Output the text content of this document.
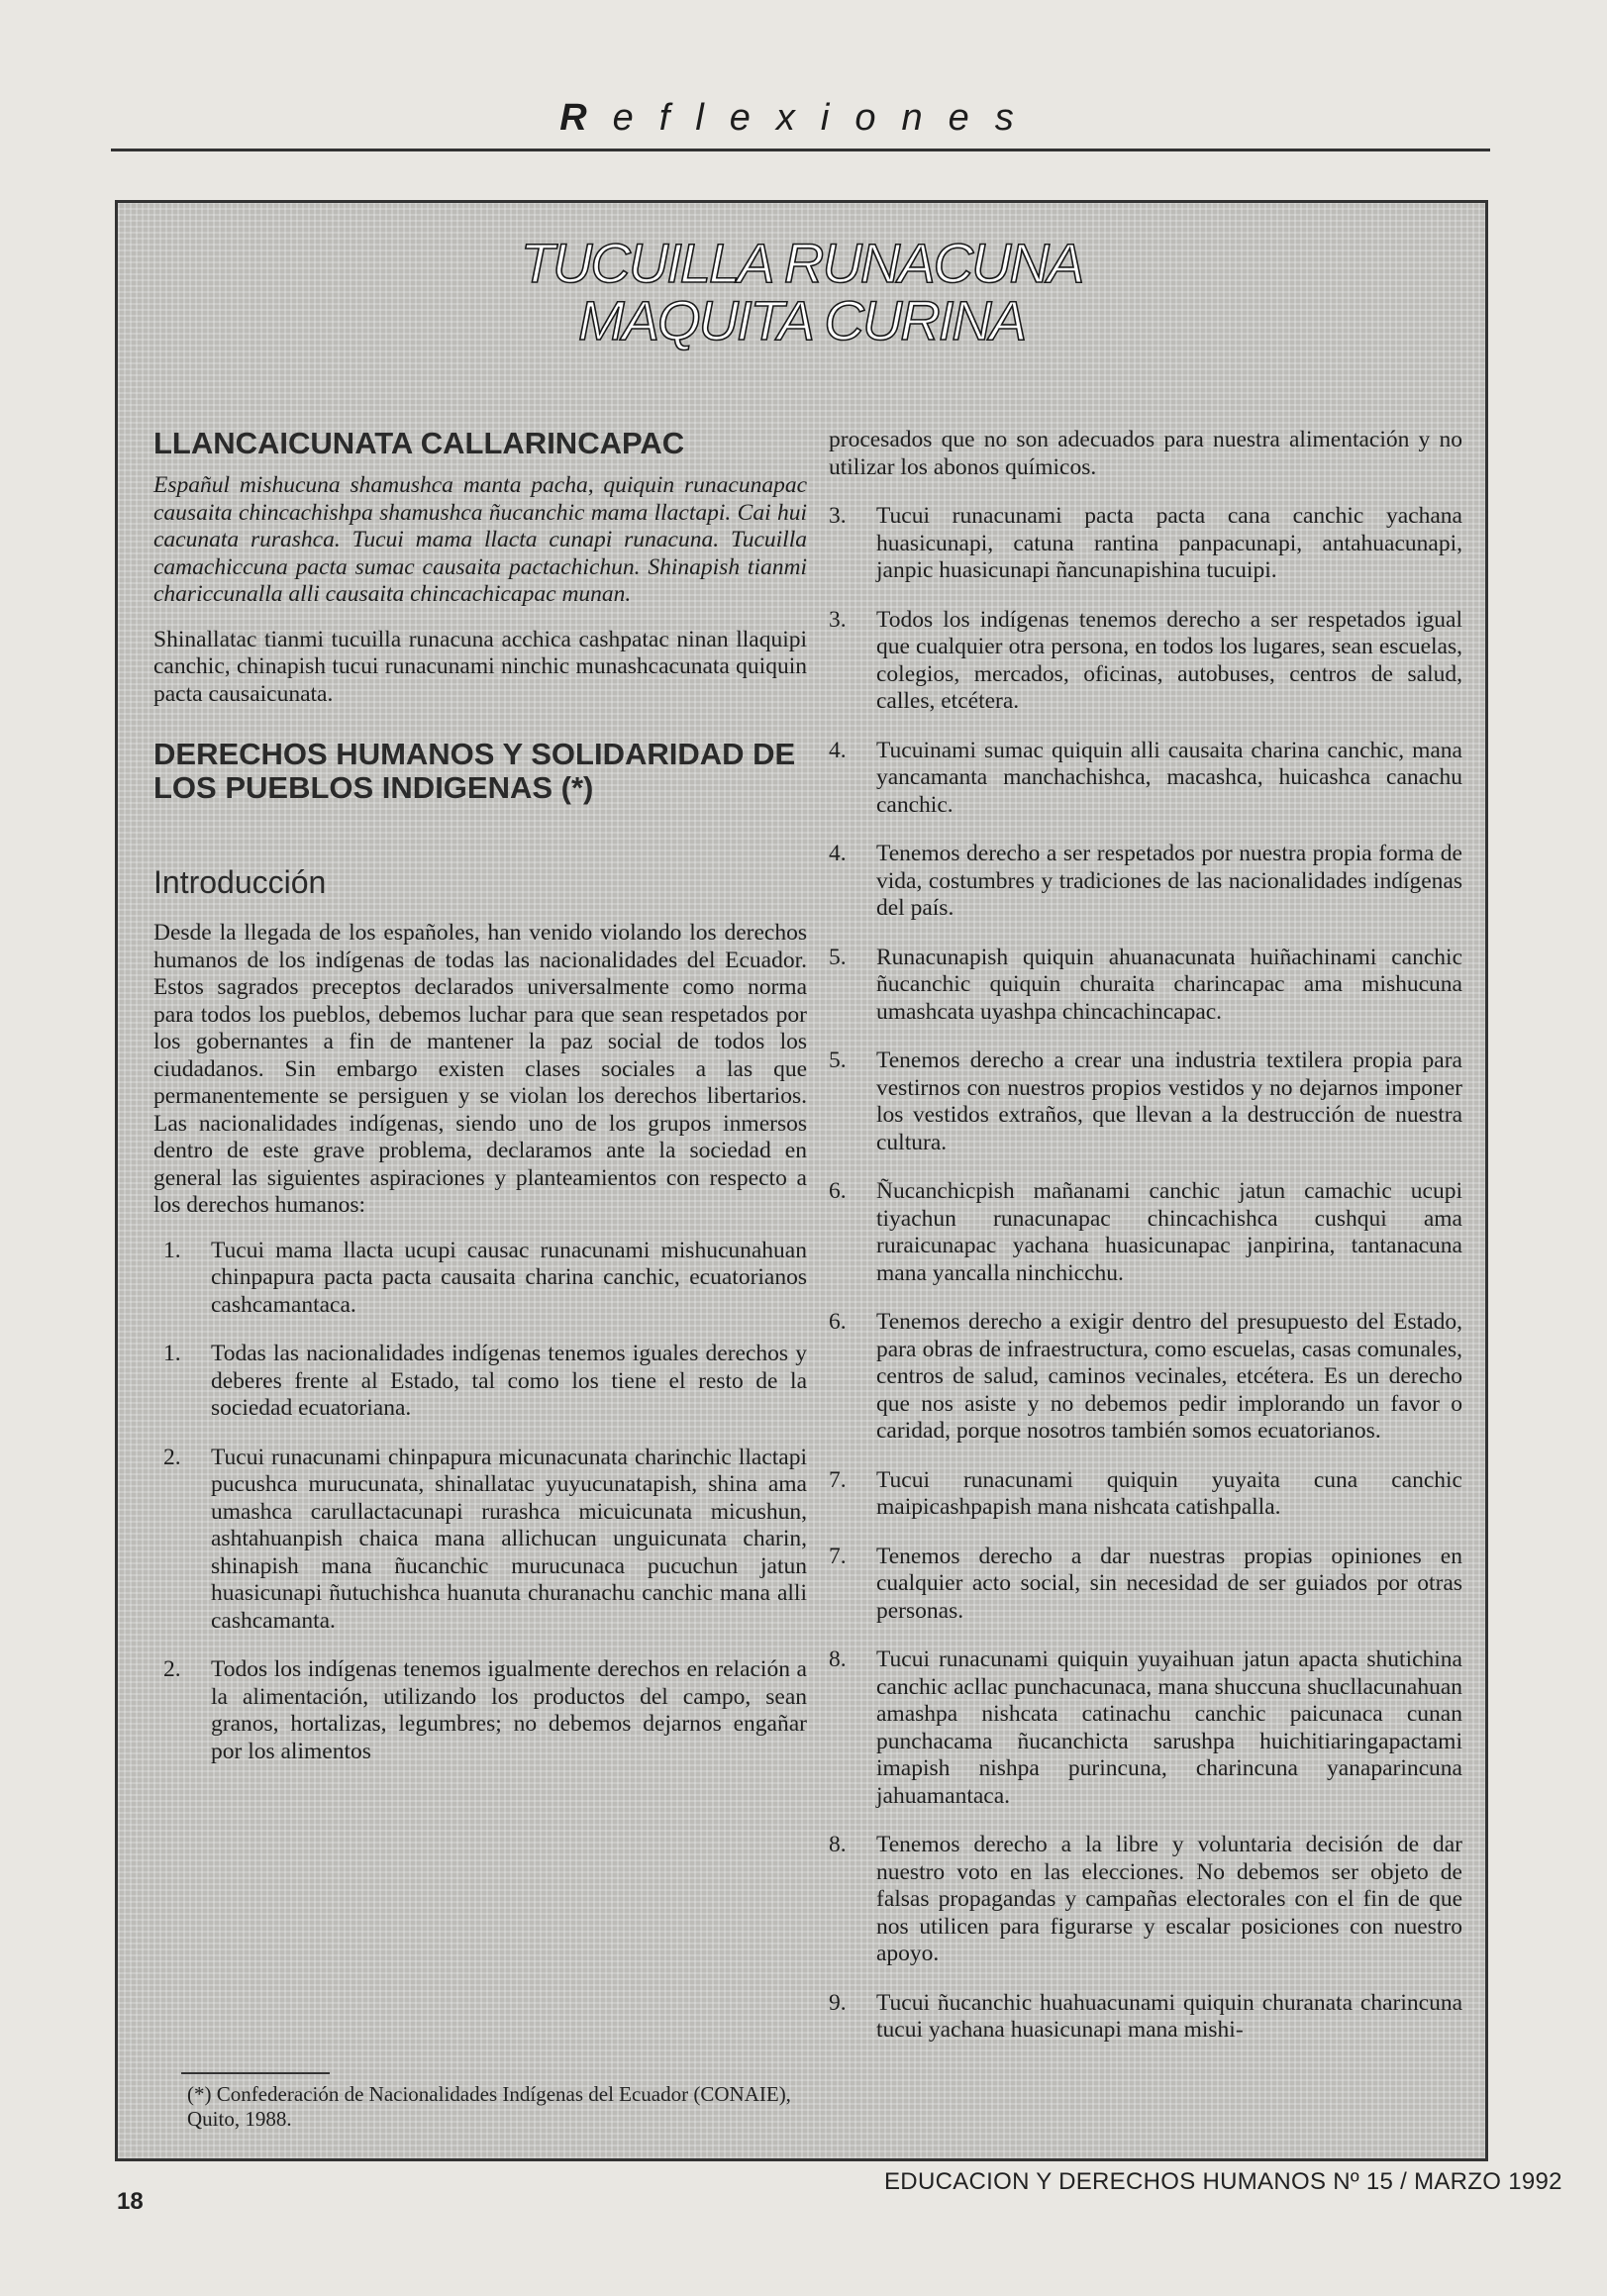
Reflexiones
TUCUILLA RUNACUNA
MAQUITA CURINA
LLANCAICUNATA CALLARINCAPAC

Españul mishucuna shamushca manta pacha, quiquin runacunapac causaita chincachishpa shamushca ñucanchic mama llactapi. Cai hui cacunata rurashca. Tucui mama llacta cunapi runacuna. Tucuilla camachiccuna pacta sumac causaita pactachichun. Shinapish tianmi chariccunalla alli causaita chincachicapac munan.

Shinallatac tianmi tucuilla runacuna acchica cashpatac ninan llaquipi canchic, chinapish tucui runacunami ninchic munashcacunata quiquin pacta causaicunata.

DERECHOS HUMANOS Y SOLIDARIDAD DE LOS PUEBLOS INDIGENAS (*)
Introducción

Desde la llegada de los españoles, han venido violando los derechos humanos de los indígenas de todas las nacionalidades del Ecuador. Estos sagrados preceptos declarados universalmente como norma para todos los pueblos, debemos luchar para que sean respetados por los gobernantes a fin de mantener la paz social de todos los ciudadanos. Sin embargo existen clases sociales a las que permanentemente se persiguen y se violan los derechos libertarios. Las nacionalidades indígenas, siendo uno de los grupos inmersos dentro de este grave problema, declaramos ante la sociedad en general las siguientes aspiraciones y planteamientos con respecto a los derechos humanos:

1. Tucui mama llacta ucupi causac runacunami mishucunahuan chinpapura pacta pacta causaita charina canchic, ecuatorianos cashcamantaca.
1. Todas las nacionalidades indígenas tenemos iguales derechos y deberes frente al Estado, tal como los tiene el resto de la sociedad ecuatoriana.
2. Tucui runacunami chinpapura micunacunata charinchic llactapi pucushca murucunata, shinallatac yuyucunatapish, shina ama umashca carullactacunapi rurashca micuicunata micushun, ashtahuanpish chaica mana allichucan unguicunata charin, shinapish mana ñucanchic murucunaca pucuchun jatun huasicunapi ñutuchishca huanuta churanachu canchic mana alli cashcamanta.
2. Todos los indígenas tenemos igualmente derechos en relación a la alimentación, utilizando los productos del campo, sean granos, hortalizas, legumbres; no debemos dejarnos engañar por los alimentos
(*) Confederación de Nacionalidades Indígenas del Ecuador (CONAIE), Quito, 1988.
procesados que no son adecuados para nuestra alimentación y no utilizar los abonos químicos.
3. Tucui runacunami pacta pacta cana canchic yachana huasicunapi, catuna rantina panpacunapi, antahuacunapi, janpic huasicunapi ñancunapishina tucuipi.
3. Todos los indígenas tenemos derecho a ser respetados igual que cualquier otra persona, en todos los lugares, sean escuelas, colegios, mercados, oficinas, autobuses, centros de salud, calles, etcétera.
4. Tucuinami sumac quiquin alli causaita charina canchic, mana yancamanta manchachishca, macashca, huicashca canachu canchic.
4. Tenemos derecho a ser respetados por nuestra propia forma de vida, costumbres y tradiciones de las nacionalidades indígenas del país.
5. Runacunapish quiquin ahuanacunata huiñachinami canchic ñucanchic quiquin churaita charincapac ama mishucuna umashcata uyashpa chincachincapac.
5. Tenemos derecho a crear una industria textilera propia para vestirnos con nuestros propios vestidos y no dejarnos imponer los vestidos extraños, que llevan a la destrucción de nuestra cultura.
6. Ñucanchicpish mañanami canchic jatun camachic ucupi tiyachun runacunapac chincachishca cushqui ama ruraicunapac yachana huasicunapac janpirina, tantanacuna mana yancalla ninchicchu.
6. Tenemos derecho a exigir dentro del presupuesto del Estado, para obras de infraestructura, como escuelas, casas comunales, centros de salud, caminos vecinales, etcétera. Es un derecho que nos asiste y no debemos pedir implorando un favor o caridad, porque nosotros también somos ecuatorianos.
7. Tucui runacunami quiquin yuyaita cuna canchic maipicashpapish mana nishcata catishpalla.
7. Tenemos derecho a dar nuestras propias opiniones en cualquier acto social, sin necesidad de ser guiados por otras personas.
8. Tucui runacunami quiquin yuyaihuan jatun apacta shutichina canchic acllac punchacunaca, mana shuccuna shucllacunahuan amashpa nishcata catinachu canchic paicunaca cunan punchacama ñucanchicta sarushpa huichitiaringapactami imapish nishpa purincuna, charincuna yanaparincuna jahuamantaca.
8. Tenemos derecho a la libre y voluntaria decisión de dar nuestro voto en las elecciones. No debemos ser objeto de falsas propagandas y campañas electorales con el fin de que nos utilicen para figurarse y escalar posiciones con nuestro apoyo.
9. Tucui ñucanchic huahuacunami quiquin churanata charincuna tucui yachana huasicunapi mana mishi-
EDUCACION Y DERECHOS HUMANOS Nº 15 / MARZO 1992
18
